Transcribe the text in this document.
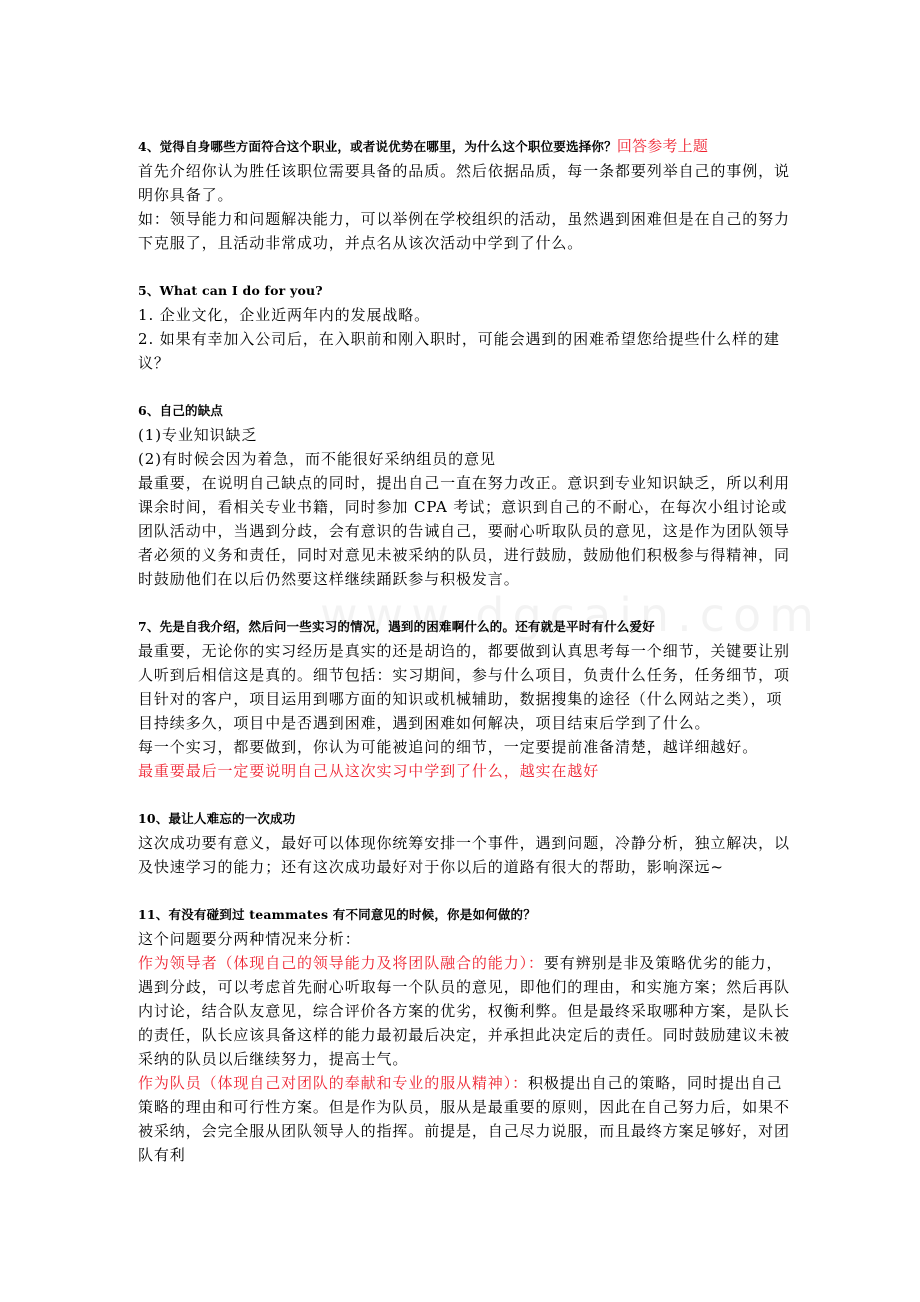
4、觉得自身哪些方面符合这个职业，或者说优势在哪里，为什么这个职位要选择你？回答参考上题

首先介绍你认为胜任该职位需要具备的品质。然后依据品质，每一条都要列举自己的事例，说明你具备了。

如：领导能力和问题解决能力，可以举例在学校组织的活动，虽然遇到困难但是在自己的努力下克服了，且活动非常成功，并点名从该次活动中学到了什么。

5、What can I do for you?

1. 企业文化，企业近两年内的发展战略。

2. 如果有幸加入公司后，在入职前和刚入职时，可能会遇到的困难希望您给提些什么样的建议？

6、自己的缺点

(1)专业知识缺乏

(2)有时候会因为着急，而不能很好采纳组员的意见

最重要，在说明自己缺点的同时，提出自己一直在努力改正。意识到专业知识缺乏，所以利用课余时间，看相关专业书籍，同时参加 CPA 考试；意识到自己的不耐心，在每次小组讨论或团队活动中，当遇到分歧，会有意识的告诫自己，要耐心听取队员的意见，这是作为团队领导者必须的义务和责任，同时对意见未被采纳的队员，进行鼓励，鼓励他们积极参与得精神，同时鼓励他们在以后仍然要这样继续踊跃参与积极发言。

7、先是自我介绍，然后问一些实习的情况，遇到的困难啊什么的。还有就是平时有什么爱好

最重要，无论你的实习经历是真实的还是胡诌的，都要做到认真思考每一个细节，关键要让别人听到后相信这是真的。细节包括：实习期间，参与什么项目，负责什么任务，任务细节，项目针对的客户，项目运用到哪方面的知识或机械辅助，数据搜集的途径（什么网站之类），项目持续多久，项目中是否遇到困难，遇到困难如何解决，项目结束后学到了什么。

每一个实习，都要做到，你认为可能被追问的细节，一定要提前准备清楚，越详细越好。

最重要最后一定要说明自己从这次实习中学到了什么，越实在越好

10、最让人难忘的一次成功

这次成功要有意义，最好可以体现你统筹安排一个事件，遇到问题，冷静分析，独立解决，以及快速学习的能力；还有这次成功最好对于你以后的道路有很大的帮助，影响深远~

11、有没有碰到过 teammates 有不同意见的时候，你是如何做的？

这个问题要分两种情况来分析：

作为领导者（体现自己的领导能力及将团队融合的能力）：要有辨别是非及策略优劣的能力，遇到分歧，可以考虑首先耐心听取每一个队员的意见，即他们的理由，和实施方案；然后再队内讨论，结合队友意见，综合评价各方案的优劣，权衡利弊。但是最终采取哪种方案，是队长的责任，队长应该具备这样的能力最初最后决定，并承担此决定后的责任。同时鼓励建议未被采纳的队员以后继续努力，提高士气。

作为队员（体现自己对团队的奉献和专业的服从精神）：积极提出自己的策略，同时提出自己策略的理由和可行性方案。但是作为队员，服从是最重要的原则，因此在自己努力后，如果不被采纳，会完全服从团队领导人的指挥。前提是，自己尽力说服，而且最终方案足够好，对团队有利
